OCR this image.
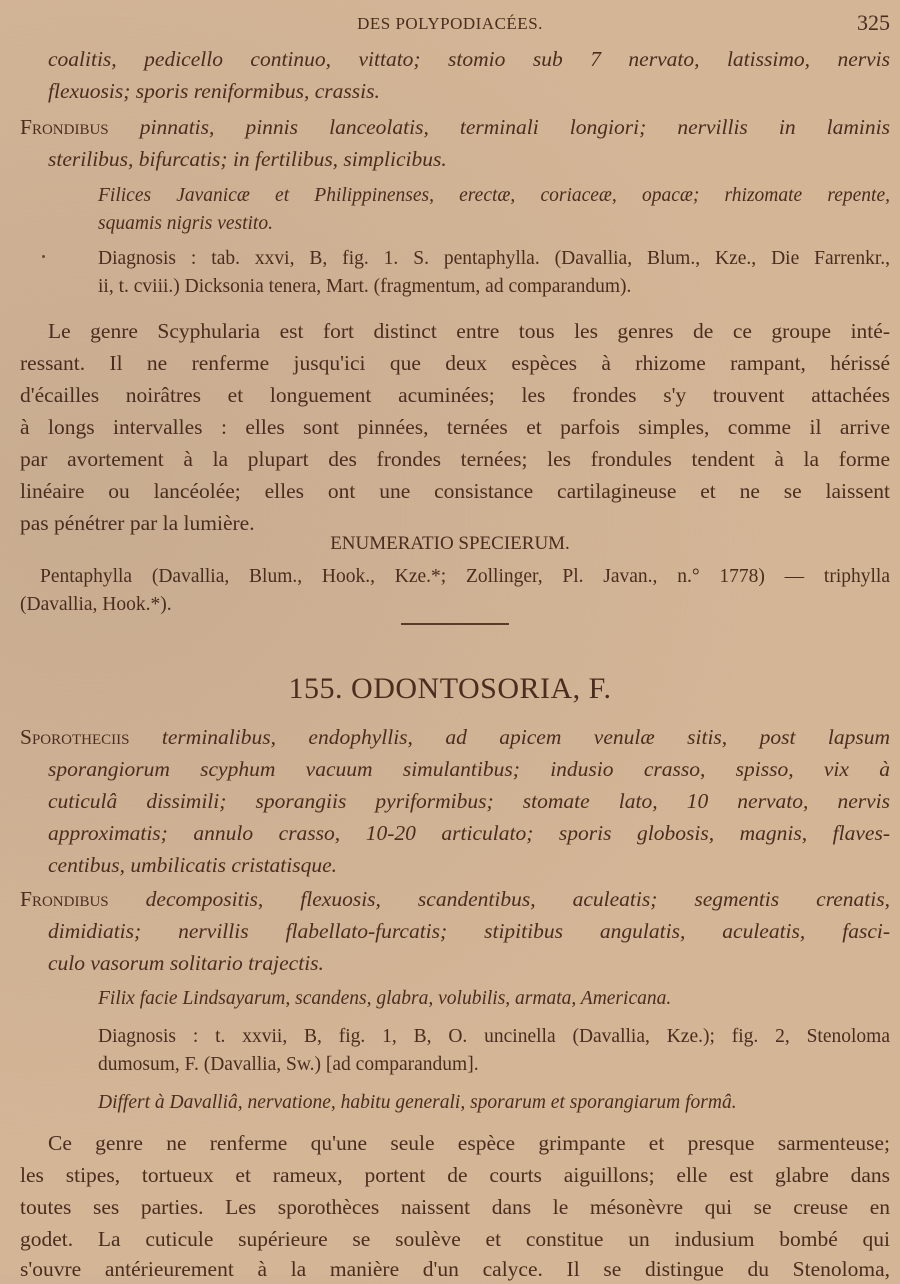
DES POLYPODIACÉES.	325
coalitis, pedicello continuo, vittato; stomio sub 7 nervato, latissimo, nervis
flexuosis; sporis reniformibus, crassis.
Frondibus pinnatis, pinnis lanceolatis, terminali longiori; nervillis in laminis
sterilibus, bifurcatis; in fertilibus, simplicibus.
Filices Javanicæ et Philippinenses, erectæ, coriaceæ, opacæ; rhizomate repente,
squamis nigris vestito.
Diagnosis : tab. xxvi, B, fig. 1. S. pentaphylla. (Davallia, Blum., Kze., Die Farrenkr.,
ii, t. cviii.) Dicksonia tenera, Mart. (fragmentum, ad comparandum).
Le genre Scyphularia est fort distinct entre tous les genres de ce groupe inté-
ressant. Il ne renferme jusqu'ici que deux espèces à rhizome rampant, hérissé
d'écailles noirâtres et longuement acuminées; les frondes s'y trouvent attachées
à longs intervalles : elles sont pinnées, ternées et parfois simples, comme il arrive
par avortement à la plupart des frondes ternées; les frondules tendent à la forme
linéaire ou lancéolée; elles ont une consistance cartilagineuse et ne se laissent
pas pénétrer par la lumière.
ENUMERATIO SPECIERUM.
Pentaphylla (Davallia, Blum., Hook., Kze.*; Zollinger, Pl. Javan., n.° 1778) — triphylla
(Davallia, Hook.*).
155. ODONTOSORIA, F.
Sporothecіis terminalibus, endophyllis, ad apicem venulæ sitis, post lapsum
sporangiorum scyphum vacuum simulantibus; indusio crasso, spisso, vix à
cuticulâ dissimili; sporangiis pyriformibus; stomate lato, 10 nervato, nervis
approximatis; annulo crasso, 10-20 articulato; sporis globosis, magnis, flaves-
centibus, umbilicatis cristatisque.
Frondibus decompositis, flexuosis, scandentibus, aculeatis; segmentis crenatis,
dimidiatis; nervillis flabellato-furcatis; stipitibus angulatis, aculeatis, fasci-
culo vasorum solitario trajectis.
Filix facie Lindsayarum, scandens, glabra, volubilis, armata, Americana.
Diagnosis : t. xxvii, B, fig. 1, B, O. uncinella (Davallia, Kze.); fig. 2, Stenoloma
dumosum, F. (Davallia, Sw.) [ad comparandum].
Differt à Davalliâ, nervatione, habitu generali, sporarum et sporangiarum formâ.
Ce genre ne renferme qu'une seule espèce grimpante et presque sarmenteuse;
les stipes, tortueux et rameux, portent de courts aiguillons; elle est glabre dans
toutes ses parties. Les sporothèces naissent dans le mésonèvre qui se creuse en
godet. La cuticule supérieure se soulève et constitue un indusium bombé qui
s'ouvre antérieurement à la manière d'un calyce. Il se distingue du Stenoloma,
